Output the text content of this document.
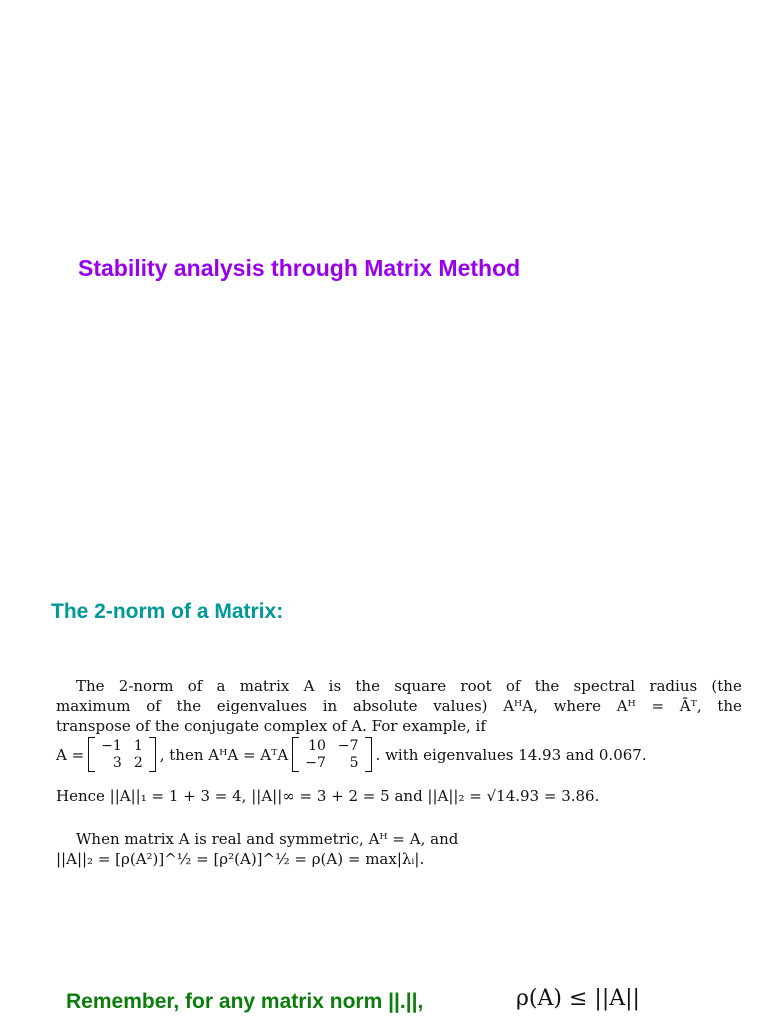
Stability analysis through Matrix Method
The 2-norm of a Matrix:
The 2-norm of a matrix A is the square root of the spectral radius (the
maximum of the eigenvalues in absolute values) AᴴA, where Aᴴ = Āᵀ, the
transpose of the conjugate complex of A. For example, if
A = −1 1
3 2 , then AᴴA = AᵀA 10 −7
−7	5 . with eigenvalues 14.93 and 0.067.
Hence ||A||₁ = 1 + 3 = 4, ||A||∞ = 3 + 2 = 5 and ||A||₂ = √14.93 = 3.86.
When matrix A is real and symmetric, Aᴴ = A, and
||A||₂ = [ρ(A²)]^½ = [ρ²(A)]^½ = ρ(A) = max|λᵢ|.
Remember, for any matrix norm ||.||,	ρ(A) ≤ ||A||
